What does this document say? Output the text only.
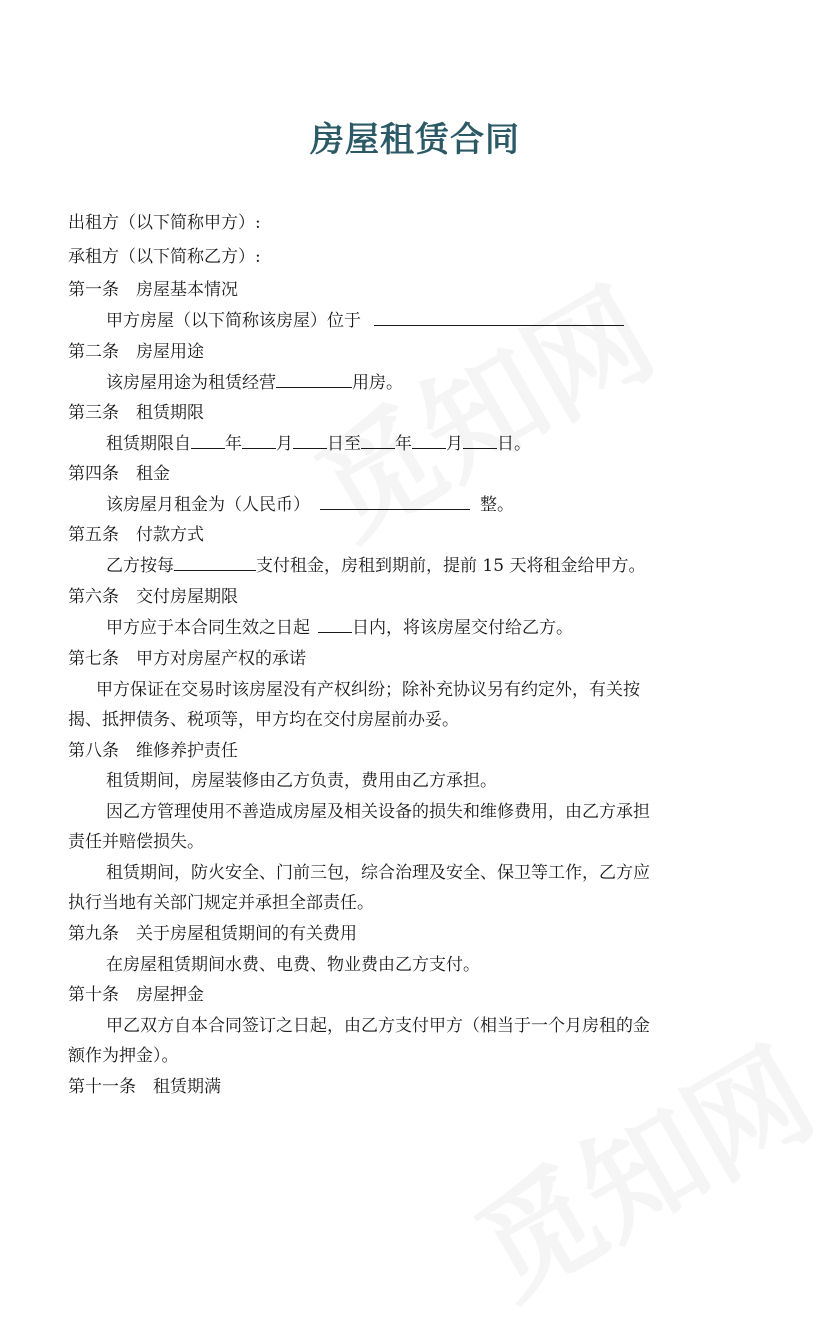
房屋租赁合同
出租方（以下简称甲方）:
承租方（以下简称乙方）:
第一条　房屋基本情况
甲方房屋（以下简称该房屋）位于
第二条　房屋用途
该房屋用途为租赁经营	用房。
第三条　租赁期限
租赁期限自 年 月 日至 年 月 日。
第四条　租金
该房屋月租金为（人民币）	整。
第五条　付款方式
乙方按每	支付租金，房租到期前，提前 15 天将租金给甲方。
第六条　交付房屋期限
甲方应于本合同生效之日起 日内，将该房屋交付给乙方。
第七条　甲方对房屋产权的承诺
甲方保证在交易时该房屋没有产权纠纷；除补充协议另有约定外，有关按
揭、抵押债务、税项等，甲方均在交付房屋前办妥。
第八条　维修养护责任
租赁期间，房屋装修由乙方负责，费用由乙方承担。
因乙方管理使用不善造成房屋及相关设备的损失和维修费用，由乙方承担
责任并赔偿损失。
租赁期间，防火安全、门前三包，综合治理及安全、保卫等工作，乙方应
执行当地有关部门规定并承担全部责任。
第九条　关于房屋租赁期间的有关费用
在房屋租赁期间水费、电费、物业费由乙方支付。
第十条　房屋押金
甲乙双方自本合同签订之日起，由乙方支付甲方（相当于一个月房租的金
额作为押金）。
第十一条　租赁期满
